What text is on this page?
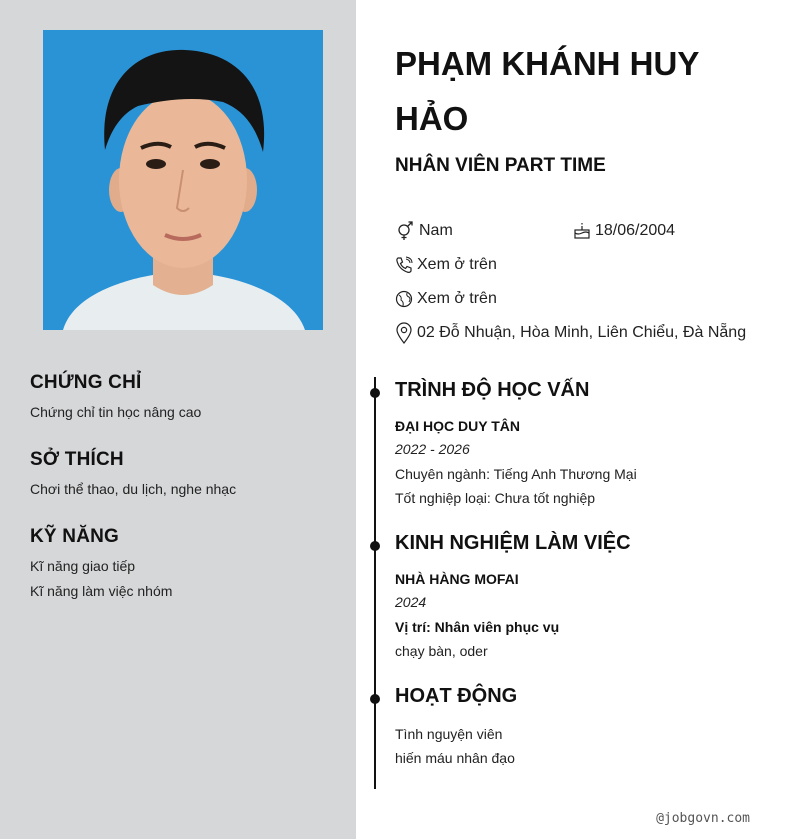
CHỨNG CHỈ
Chứng chỉ tin học nâng cao
SỞ THÍCH
Chơi thể thao, du lịch, nghe nhạc
KỸ NĂNG
Kĩ năng giao tiếp
Kĩ năng làm việc nhóm
PHẠM KHÁNH HUY HẢO
NHÂN VIÊN PART TIME
Nam	18/06/2004
Xem ở trên
Xem ở trên
02 Đỗ Nhuận, Hòa Minh, Liên Chiểu, Đà Nẵng
TRÌNH ĐỘ HỌC VẤN
ĐẠI HỌC DUY TÂN
2022 - 2026
Chuyên ngành: Tiếng Anh Thương Mại
Tốt nghiệp loại: Chưa tốt nghiệp
KINH NGHIỆM LÀM VIỆC
NHÀ HÀNG MOFAI
2024
Vị trí: Nhân viên phục vụ
chạy bàn, oder
HOẠT ĐỘNG
Tình nguyện viên
hiến máu nhân đạo
@jobgovn.com
